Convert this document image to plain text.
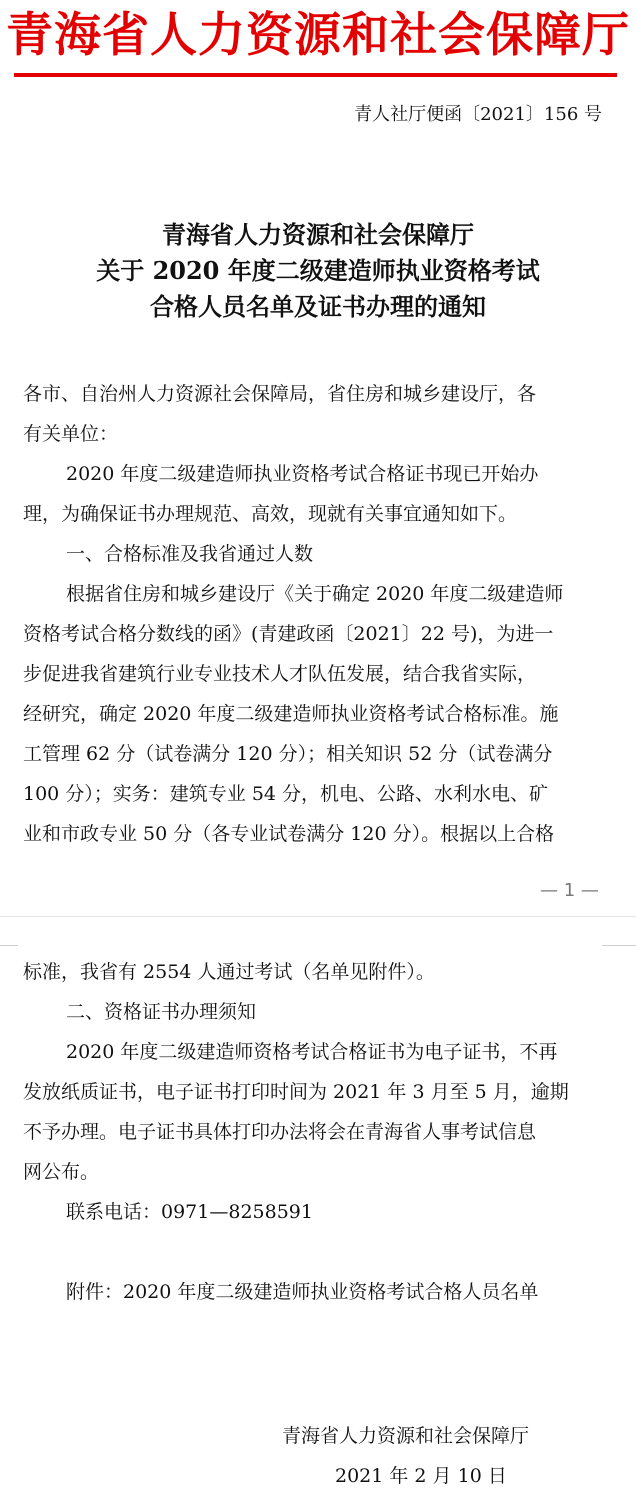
青海省人力资源和社会保障厅
青人社厅便函〔2021〕156 号
青海省人力资源和社会保障厅
关于 2020 年度二级建造师执业资格考试
合格人员名单及证书办理的通知
各市、自治州人力资源社会保障局，省住房和城乡建设厅，各
有关单位：
2020 年度二级建造师执业资格考试合格证书现已开始办
理，为确保证书办理规范、高效，现就有关事宜通知如下。
一、合格标准及我省通过人数
根据省住房和城乡建设厅《关于确定 2020 年度二级建造师
资格考试合格分数线的函》(青建政函〔2021〕22 号)，为进一
步促进我省建筑行业专业技术人才队伍发展，结合我省实际，
经研究，确定 2020 年度二级建造师执业资格考试合格标准。施
工管理 62 分（试卷满分 120 分）；相关知识 52 分（试卷满分
100 分）；实务：建筑专业 54 分，机电、公路、水利水电、矿
业和市政专业 50 分（各专业试卷满分 120 分）。根据以上合格
— 1 —
标准，我省有 2554 人通过考试（名单见附件）。
二、资格证书办理须知
2020 年度二级建造师资格考试合格证书为电子证书，不再
发放纸质证书，电子证书打印时间为 2021 年 3 月至 5 月，逾期
不予办理。电子证书具体打印办法将会在青海省人事考试信息
网公布。
联系电话：0971—8258591
附件：2020 年度二级建造师执业资格考试合格人员名单
青海省人力资源和社会保障厅
2021 年 2 月 10 日
